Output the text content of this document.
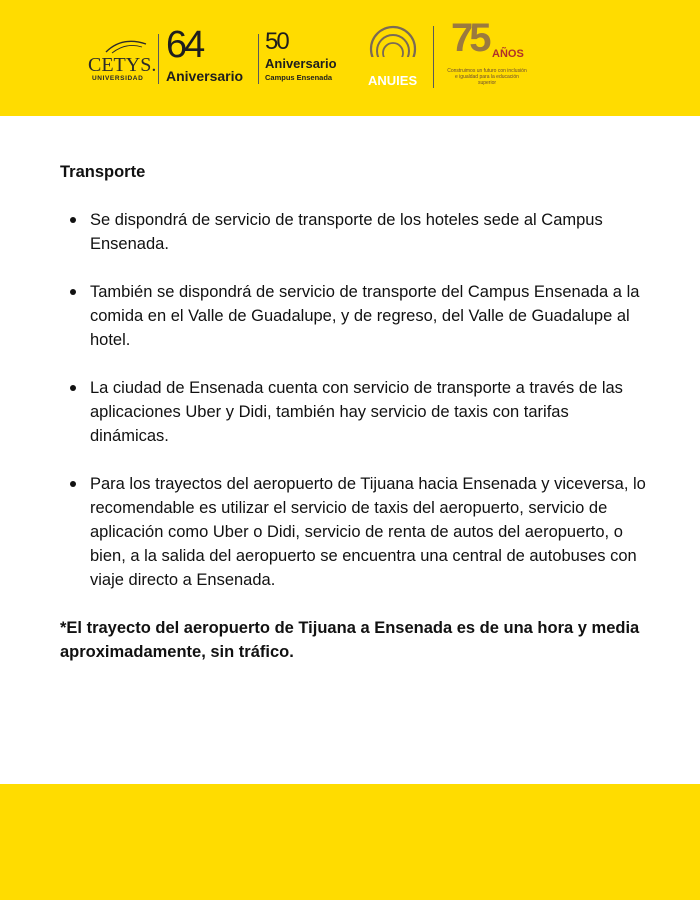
CETYS.
UNIVERSIDAD
64
Aniversario
50
Aniversario
Campus Ensenada	ANUIES
75 AÑOS
Construimos un futuro con inclusión e igualdad para la educación superior

Transporte

Se dispondrá de servicio de transporte de los hoteles sede al Campus Ensenada.
También se dispondrá de servicio de transporte del Campus Ensenada a la comida en el Valle de Guadalupe, y de regreso, del Valle de Guadalupe al hotel.
La ciudad de Ensenada cuenta con servicio de transporte a través de las aplicaciones Uber y Didi, también hay servicio de taxis con tarifas dinámicas.
Para los trayectos del aeropuerto de Tijuana hacia Ensenada y viceversa, lo recomendable es utilizar el servicio de taxis del aeropuerto, servicio de aplicación como Uber o Didi, servicio de renta de autos del aeropuerto, o bien, a la salida del aeropuerto se encuentra una central de autobuses con viaje directo a Ensenada.

*El trayecto del aeropuerto de Tijuana a Ensenada es de una hora y media aproximadamente, sin tráfico.
